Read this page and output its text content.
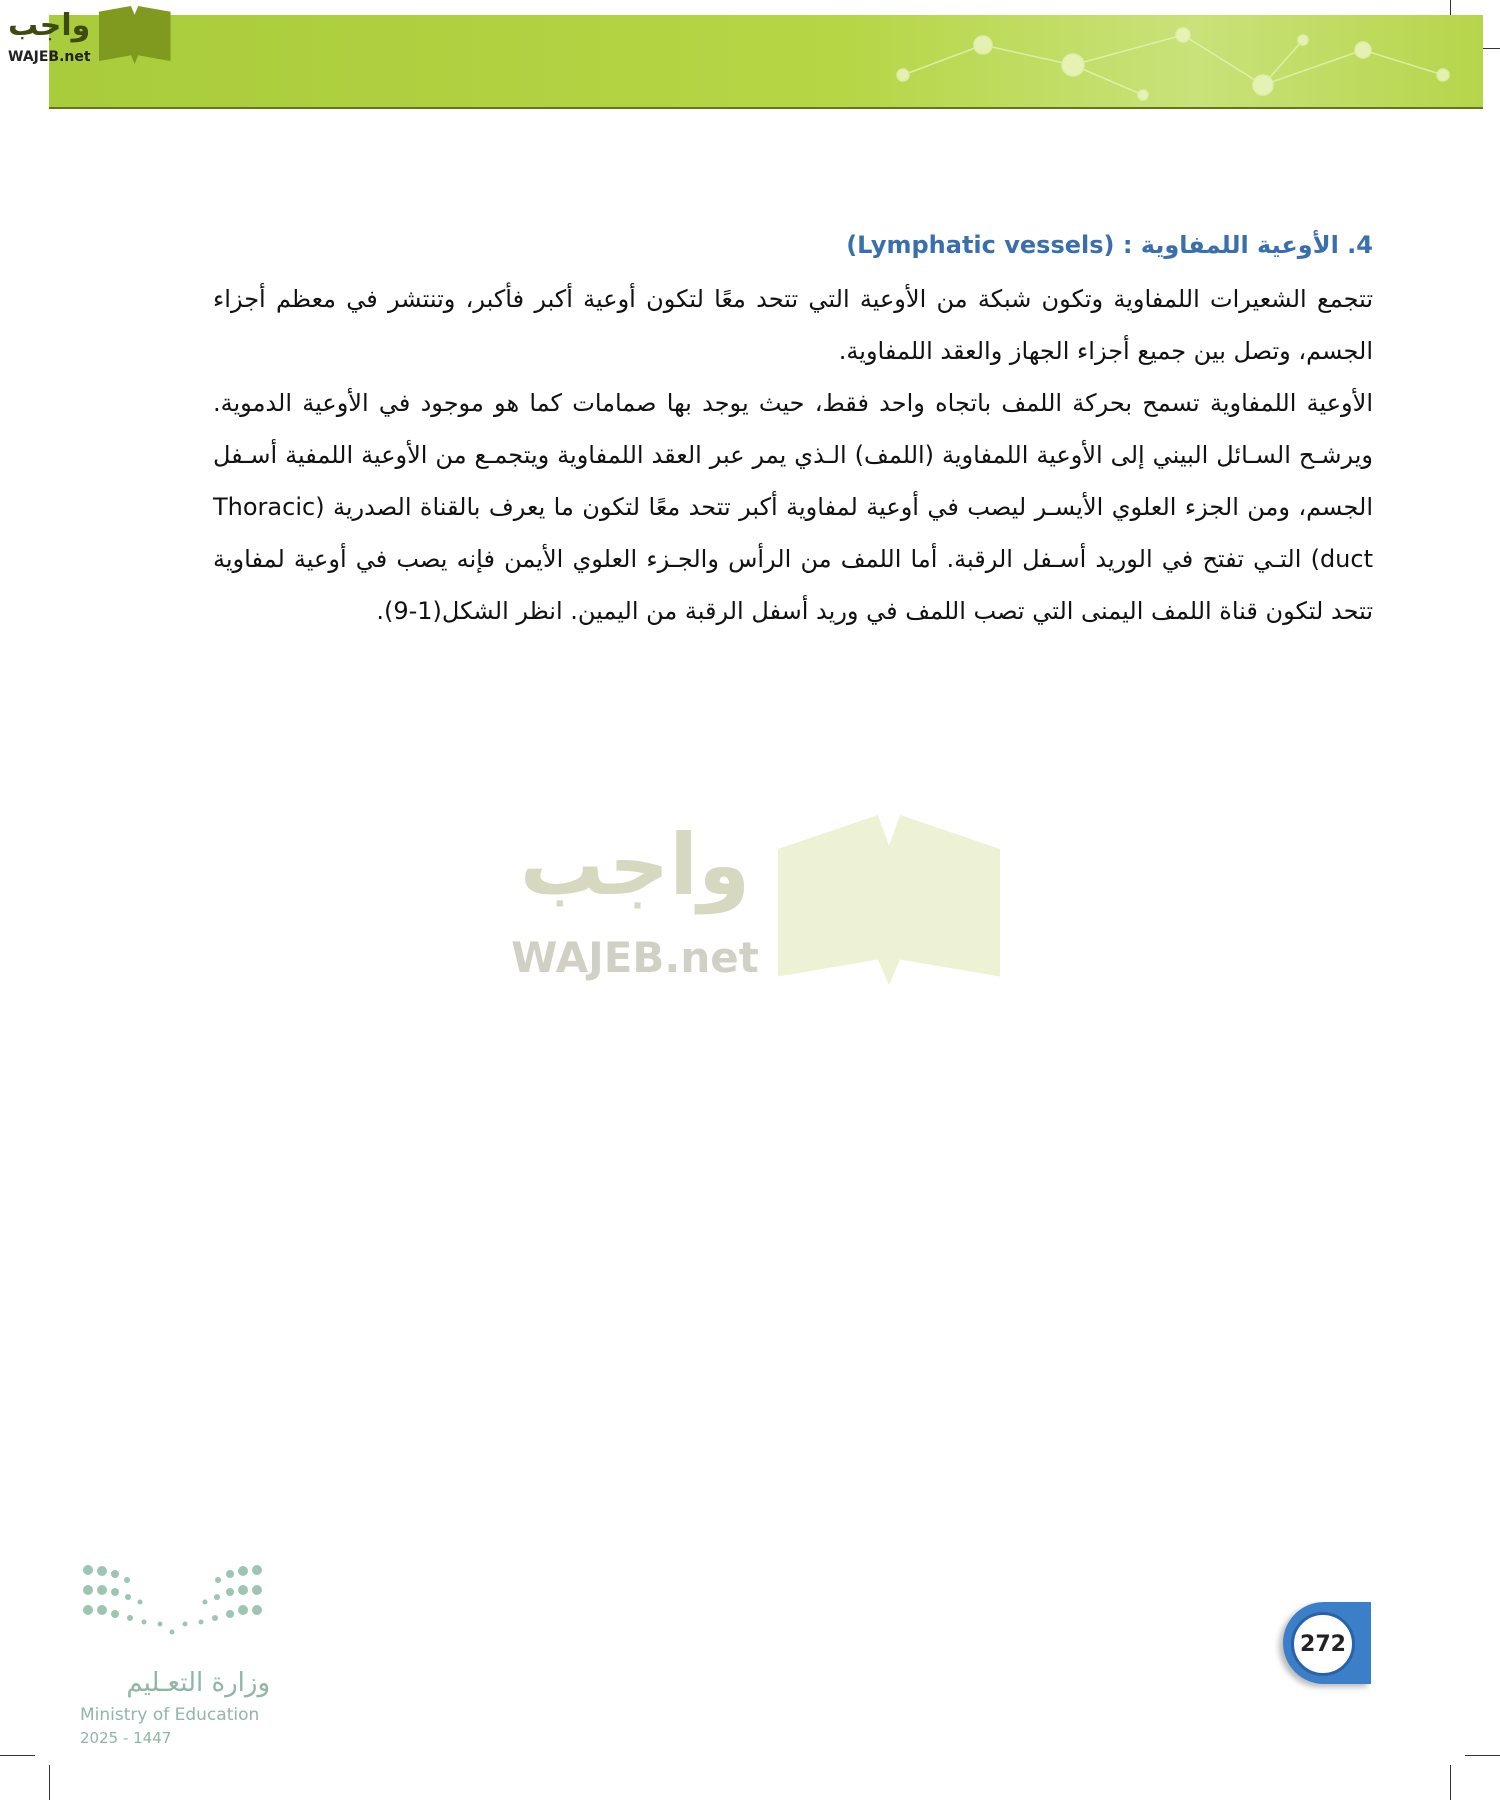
واجب
WAJEB.net
4. الأوعية اللمفاوية (Lymphatic vessels) :

تتجمع الشعيرات اللمفاوية وتكون شبكة من الأوعية التي تتحد معًا لتكون أوعية أكبر فأكبر، وتنتشر في معظم أجزاء الجسم، وتصل بين جميع أجزاء الجهاز والعقد اللمفاوية.

الأوعية اللمفاوية تسمح بحركة اللمف باتجاه واحد فقط، حيث يوجد بها صمامات كما هو موجود في الأوعية الدموية. ويرشـح السـائل البيني إلى الأوعية اللمفاوية (اللمف) الـذي يمر عبر العقد اللمفاوية ويتجمـع من الأوعية اللمفية أسـفل الجسم، ومن الجزء العلوي الأيسـر ليصب في أوعية لمفاوية أكبر تتحد معًا لتكون ما يعرف بالقناة الصدرية (Thoracic duct) التـي تفتح في الوريد أسـفل الرقبة. أما اللمف من الرأس والجـزء العلوي الأيمن فإنه يصب في أوعية لمفاوية تتحد لتكون قناة اللمف اليمنى التي تصب اللمف في وريد أسفل الرقبة من اليمين. انظر الشكل(1-9).

واجب
WAJEB.net
وزارة التعـليم
Ministry of Education
2025 - 1447
272
